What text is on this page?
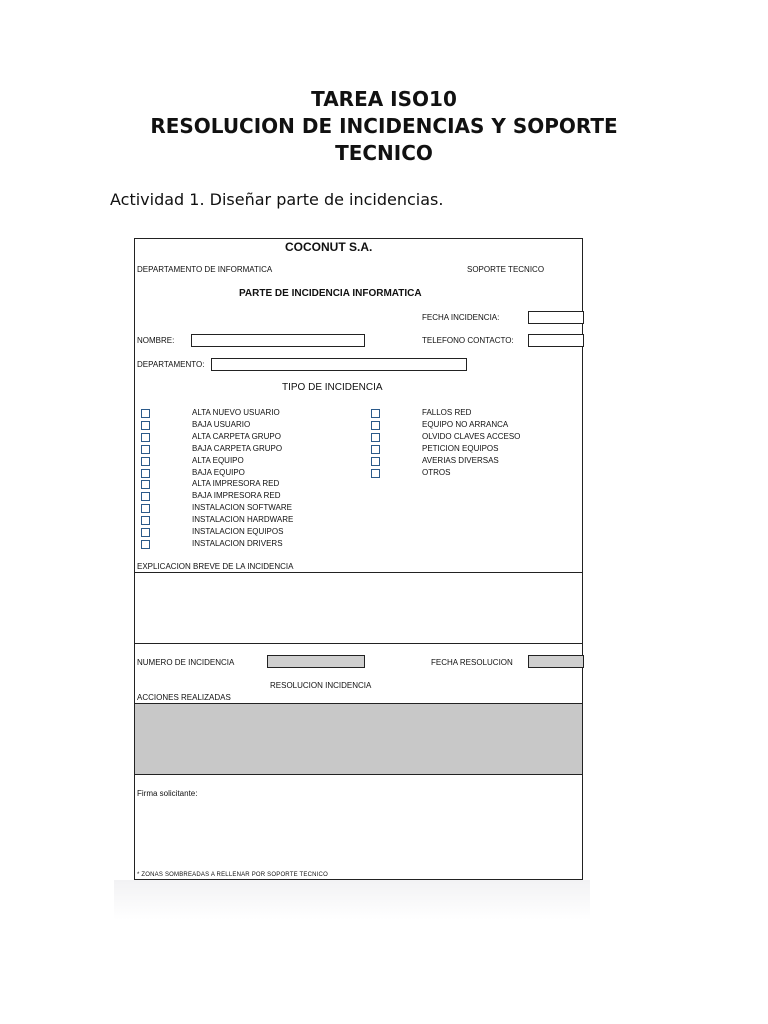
TAREA ISO10
RESOLUCION DE INCIDENCIAS Y SOPORTE
TECNICO
Actividad 1. Diseñar parte de incidencias.
COCONUT S.A.
DEPARTAMENTO DE INFORMATICA	SOPORTE TECNICO
PARTE DE INCIDENCIA INFORMATICA
FECHA INCIDENCIA:
NOMBRE:	TELEFONO CONTACTO:
DEPARTAMENTO:
TIPO DE INCIDENCIA
ALTA NUEVO USUARIO
BAJA USUARIO
ALTA CARPETA GRUPO
BAJA CARPETA GRUPO
ALTA EQUIPO
BAJA EQUIPO
ALTA IMPRESORA RED
BAJA IMPRESORA RED
INSTALACION SOFTWARE
INSTALACION HARDWARE
INSTALACION EQUIPOS
INSTALACION DRIVERS
FALLOS RED
EQUIPO NO ARRANCA
OLVIDO CLAVES ACCESO
PETICION EQUIPOS
AVERIAS DIVERSAS
OTROS
EXPLICACION BREVE DE LA INCIDENCIA
NUMERO DE INCIDENCIA	FECHA RESOLUCION
RESOLUCION INCIDENCIA
ACCIONES REALIZADAS
Firma solicitante:
* ZONAS SOMBREADAS A RELLENAR POR SOPORTE TECNICO
